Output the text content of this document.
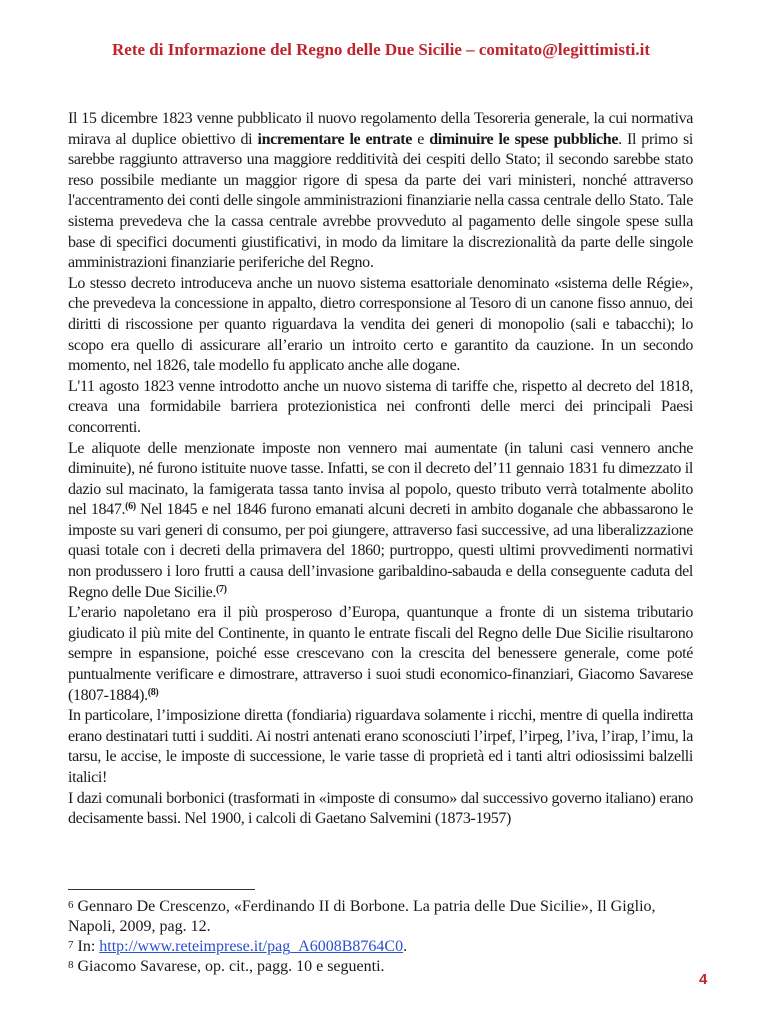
Rete di Informazione del Regno delle Due Sicilie – comitato@legittimisti.it

Il 15 dicembre 1823 venne pubblicato il nuovo regolamento della Tesoreria generale, la cui normativa mirava al duplice obiettivo di incrementare le entrate e diminuire le spese pubbliche. Il primo si sarebbe raggiunto attraverso una maggiore redditività dei cespiti dello Stato; il secondo sarebbe stato reso possibile mediante un maggior rigore di spesa da parte dei vari ministeri, nonché attraverso l'accentramento dei conti delle singole amministrazioni finanziarie nella cassa centrale dello Stato. Tale sistema prevedeva che la cassa centrale avrebbe provveduto al pagamento delle singole spese sulla base di specifici documenti giustificativi, in modo da limitare la discrezionalità da parte delle singole amministrazioni finanziarie periferiche del Regno.

Lo stesso decreto introduceva anche un nuovo sistema esattoriale denominato «sistema delle Régie», che prevedeva la concessione in appalto, dietro corresponsione al Tesoro di un canone fisso annuo, dei diritti di riscossione per quanto riguardava la vendita dei generi di monopolio (sali e tabacchi); lo scopo era quello di assicurare all’erario un introito certo e garantito da cauzione. In un secondo momento, nel 1826, tale modello fu applicato anche alle dogane.

L'11 agosto 1823 venne introdotto anche un nuovo sistema di tariffe che, rispetto al decreto del 1818, creava una formidabile barriera protezionistica nei confronti delle merci dei principali Paesi concorrenti.

Le aliquote delle menzionate imposte non vennero mai aumentate (in taluni casi vennero anche diminuite), né furono istituite nuove tasse. Infatti, se con il decreto del’11 gennaio 1831 fu dimezzato il dazio sul macinato, la famigerata tassa tanto invisa al popolo, questo tributo verrà totalmente abolito nel 1847.$^{(6)}$ Nel 1845 e nel 1846 furono emanati alcuni decreti in ambito doganale che abbassarono le imposte su vari generi di consumo, per poi giungere, attraverso fasi successive, ad una liberalizzazione quasi totale con i decreti della primavera del 1860; purtroppo, questi ultimi provvedimenti normativi non produssero i loro frutti a causa dell’invasione garibaldino-sabauda e della conseguente caduta del Regno delle Due Sicilie.$^{(7)}$

L’erario napoletano era il più prosperoso d’Europa, quantunque a fronte di un sistema tributario giudicato il più mite del Continente, in quanto le entrate fiscali del Regno delle Due Sicilie risultarono sempre in espansione, poiché esse crescevano con la crescita del benessere generale, come poté puntualmente verificare e dimostrare, attraverso i suoi studi economico-finanziari, Giacomo Savarese (1807-1884).$^{(8)}$

In particolare, l’imposizione diretta (fondiaria) riguardava solamente i ricchi, mentre di quella indiretta erano destinatari tutti i sudditi. Ai nostri antenati erano sconosciuti l’irpef, l’irpeg, l’iva, l’irap, l’imu, la tarsu, le accise, le imposte di successione, le varie tasse di proprietà ed i tanti altri odiosissimi balzelli italici!

I dazi comunali borbonici (trasformati in «imposte di consumo» dal successivo governo italiano) erano decisamente bassi. Nel 1900, i calcoli di Gaetano Salvemini (1873-1957)

6 Gennaro De Crescenzo, «Ferdinando II di Borbone. La patria delle Due Sicilie», Il Giglio, Napoli, 2009, pag. 12.

7 In: http://www.reteimprese.it/pag_A6008B8764C0.

8 Giacomo Savarese, op. cit., pagg. 10 e seguenti.

4
